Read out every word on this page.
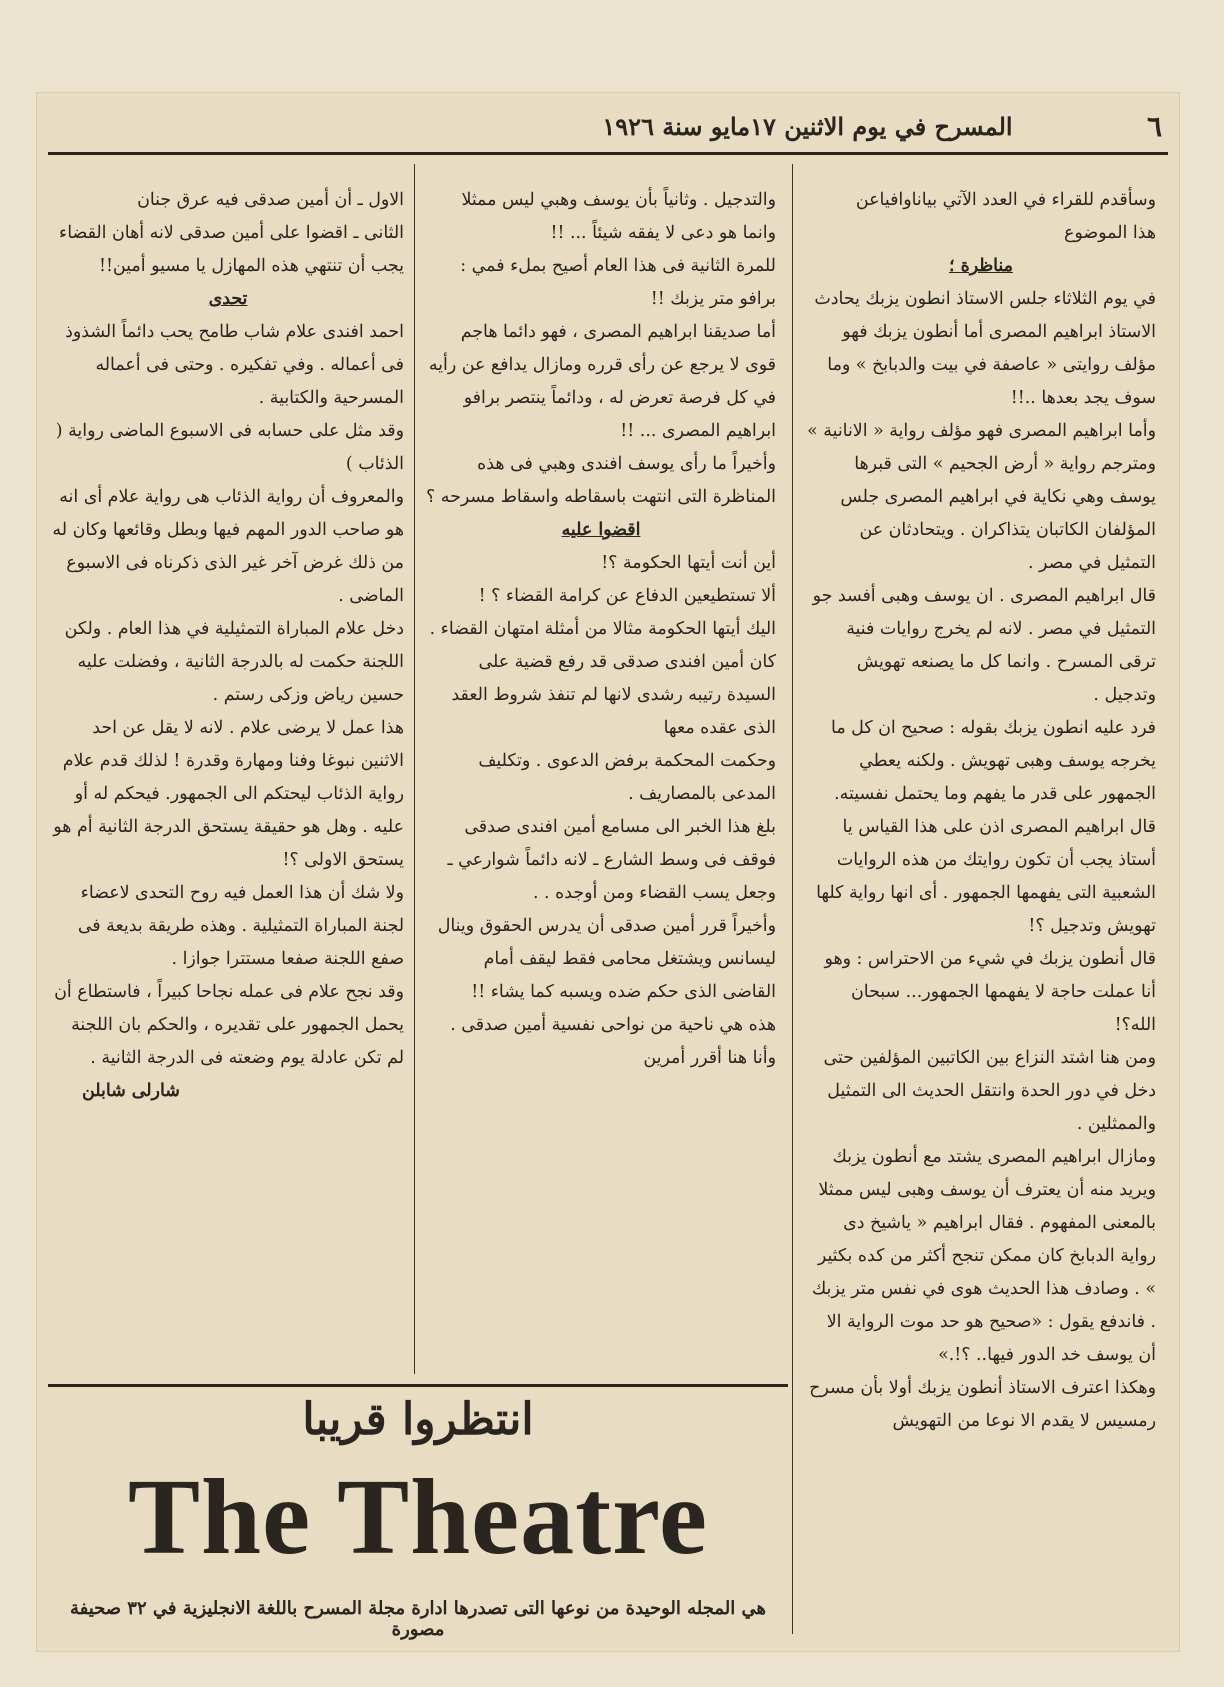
٦
المسرح في يوم الاثنين ١٧مايو سنة ١٩٢٦

وسأقدم للقراء في العدد الآتي بياناوافياعن

هذا الموضوع

مناظرة ؛

في يوم الثلاثاء جلس الاستاذ انطون يزبك يحادث الاستاذ ابراهيم المصرى أما أنطون يزبك فهو مؤلف روايتى « عاصفة في بيت والدبابخ » وما سوف يجد بعدها ..!!

وأما ابراهيم المصرى فهو مؤلف رواية « الانانية » ومترجم رواية « أرض الجحيم » التى قبرها يوسف وهي نكاية في ابراهيم المصرى جلس المؤلفان الكاتبان يتذاكران . ويتحادثان عن التمثيل في مصر .

قال ابراهيم المصرى . ان يوسف وهبى أفسد جو التمثيل في مصر . لانه لم يخرج روايات فنية ترقى المسرح . وانما كل ما يصنعه تهويش وتدجيل .

فرد عليه انطون يزبك بقوله : صحيح ان كل ما يخرجه يوسف وهبى تهويش . ولكنه يعطي الجمهور على قدر ما يفهم وما يحتمل نفسيته.

قال ابراهيم المصرى اذن على هذا القياس يا أستاذ يجب أن تكون روايتك من هذه الروايات الشعبية التى يفهمها الجمهور . أى انها رواية كلها تهويش وتدجيل ؟!

قال أنطون يزبك في شيء من الاحتراس : وهو أنا عملت حاجة لا يفهمها الجمهور... سبحان الله؟!

ومن هنا اشتد النزاع بين الكاتبين المؤلفين حتى دخل في دور الحدة وانتقل الحديث الى التمثيل والممثلين .

ومازال ابراهيم المصرى يشتد مع أنطون يزبك ويريد منه أن يعترف أن يوسف وهبى ليس ممثلا بالمعنى المفهوم . فقال ابراهيم « ياشيخ دى رواية الدبابخ كان ممكن تنجح أكثر من كده بكثير » . وصادف هذا الحديث هوى في نفس متر يزبك . فاندفع يقول : «صحيح هو حد موت الرواية الا أن يوسف خد الدور فيها.. ؟!.»

وهكذا اعترف الاستاذ أنطون يزبك أولا بأن مسرح رمسيس لا يقدم الا نوعا من التهويش

والتدجيل . وثانياً بأن يوسف وهبي ليس ممثلا وانما هو دعى لا يفقه شيئاً ... !!

للمرة الثانية فى هذا العام أصيح بملء فمي : برافو متر يزبك !!

أما صديقنا ابراهيم المصرى ، فهو دائما هاجم قوى لا يرجع عن رأى قرره ومازال يدافع عن رأيه في كل فرصة تعرض له ، ودائماً ينتصر برافو ابراهيم المصرى ... !!

وأخيراً ما رأى يوسف افندى وهبي فى هذه المناظرة التى انتهت باسقاطه واسقاط مسرحه ؟

اقضوا عليه

أين أنت أيتها الحكومة ؟!

ألا تستطيعين الدفاع عن كرامة القضاء ؟ !

اليك أيتها الحكومة مثالا من أمثلة امتهان القضاء .

كان أمين افندى صدقى قد رفع قضية على السيدة رتيبه رشدى لانها لم تنفذ شروط العقد الذى عقده معها

وحكمت المحكمة برفض الدعوى . وتكليف المدعى بالمصاريف .

بلغ هذا الخبر الى مسامع أمين افندى صدقى فوقف فى وسط الشارع ـ لانه دائماً شوارعي ـ وجعل يسب القضاء ومن أوجده . .

وأخيراً قرر أمين صدقى أن يدرس الحقوق وينال ليسانس ويشتغل محامى فقط ليقف أمام القاضى الذى حكم ضده ويسبه كما يشاء !!

هذه هي ناحية من نواحى نفسية أمين صدقى .

وأنا هنا أقرر أمرين

الاول ـ أن أمين صدقى فيه عرق جنان

الثانى ـ اقضوا على أمين صدقى لانه أهان القضاء

يجب أن تنتهي هذه المهازل يا مسيو أمين!!

تحدى

احمد افندى علام شاب طامح يحب دائماً الشذوذ فى أعماله . وفي تفكيره . وحتى فى أعماله المسرحية والكتابية .

وقد مثل على حسابه فى الاسبوع الماضى رواية ( الذئاب )

والمعروف أن رواية الذئاب هى رواية علام أى انه هو صاحب الدور المهم فيها وبطل وقائعها وكان له من ذلك غرض آخر غير الذى ذكرناه فى الاسبوع الماضى .

دخل علام المباراة التمثيلية في هذا العام . ولكن اللجنة حكمت له بالدرجة الثانية ، وفضلت عليه حسين رياض وزكى رستم .

هذا عمل لا يرضى علام . لانه لا يقل عن احد الاثنين نبوغا وفنا ومهارة وقدرة ! لذلك قدم علام رواية الذئاب ليحتكم الى الجمهور. فيحكم له أو عليه . وهل هو حقيقة يستحق الدرجة الثانية أم هو يستحق الاولى ؟!

ولا شك أن هذا العمل فيه روح التحدى لاعضاء لجنة المباراة التمثيلية . وهذه طريقة بديعة فى صفع اللجنة صفعا مستترا جوازا .

وقد نجح علام فى عمله نجاحا كبيراً ، فاستطاع أن يحمل الجمهور على تقديره ، والحكم بان اللجنة لم تكن عادلة يوم وضعته فى الدرجة الثانية .

شارلى شابلن

انتظروا قريبا
The Theatre
هي المجله الوحيدة من نوعها التى تصدرها ادارة مجلة المسرح باللغة الانجليزية في ٣٢ صحيفة مصورة
